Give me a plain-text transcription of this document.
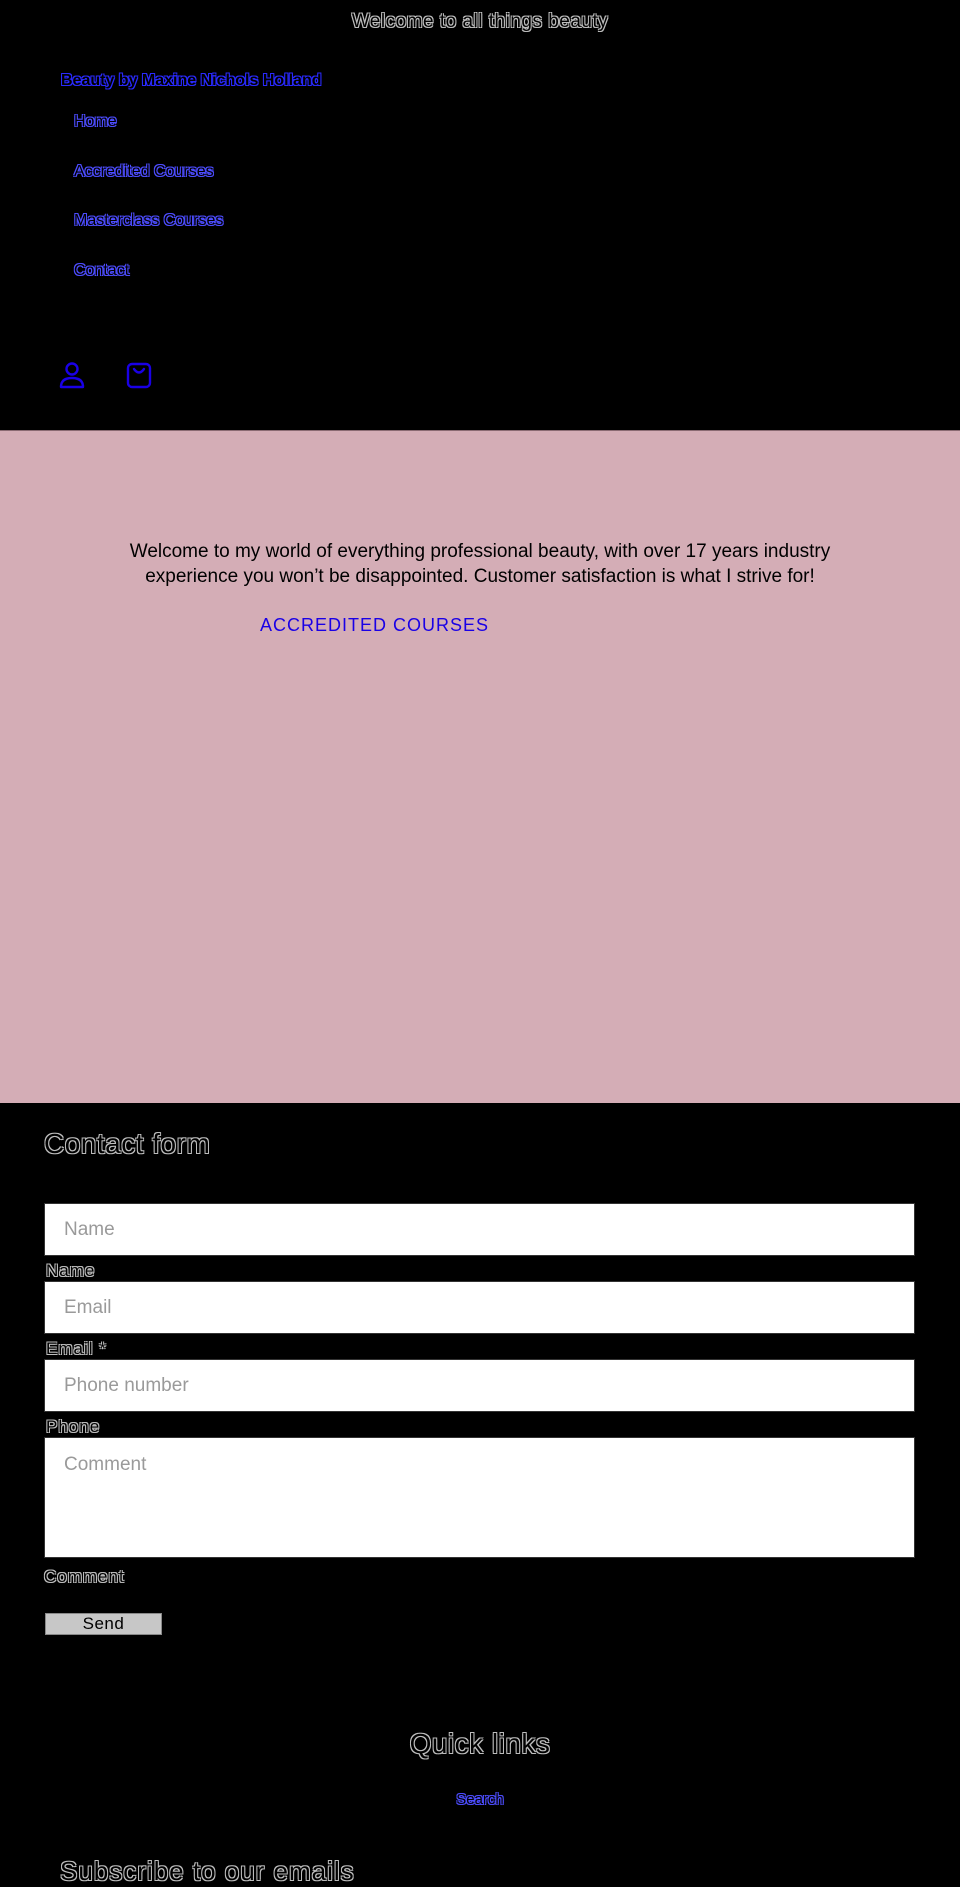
Welcome to all things beauty
Beauty by Maxine Nichols Holland
Home
Accredited Courses
Masterclass Courses
Contact

Welcome to my world of everything professional beauty, with over 17 years industry experience you won’t be disappointed. Customer satisfaction is what I strive for!

ACCREDITED COURSES
Contact form
Name
Name
Email
Email *
Phone number
Phone
Comment
Comment
Send
Quick links
Search
Subscribe to our emails
